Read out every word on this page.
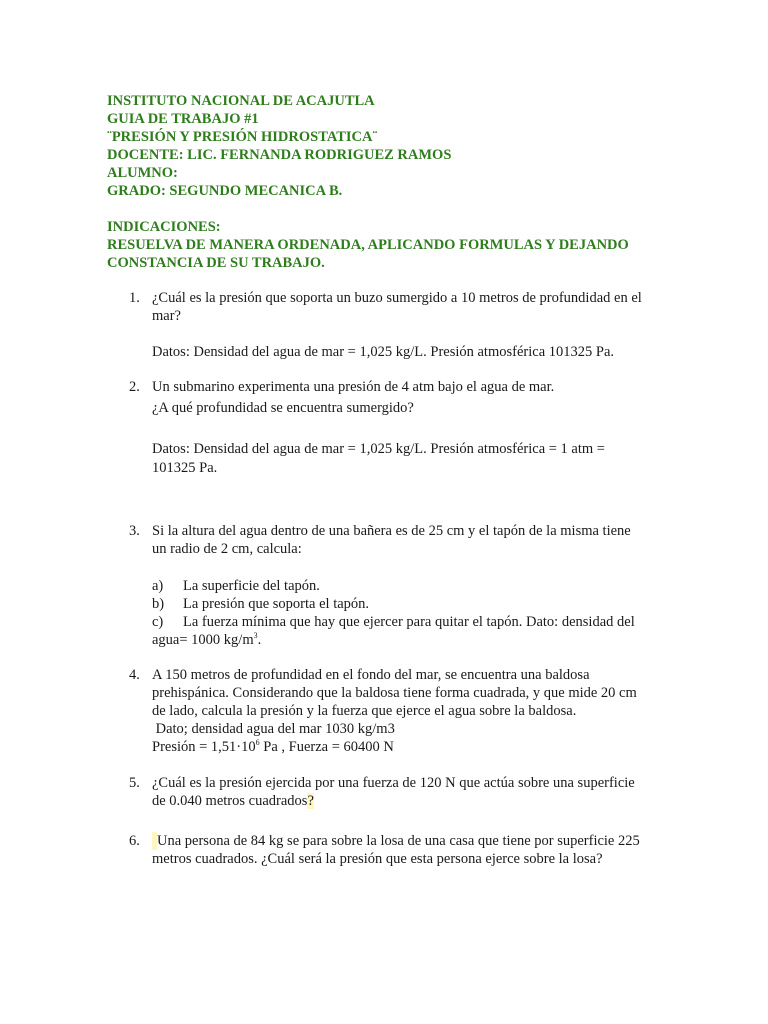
INSTITUTO NACIONAL DE ACAJUTLA
GUIA DE TRABAJO #1
¨PRESIÓN Y PRESIÓN HIDROSTATICA¨
DOCENTE: LIC. FERNANDA RODRIGUEZ RAMOS
ALUMNO:
GRADO: SEGUNDO MECANICA B.
INDICACIONES:
RESUELVA DE MANERA ORDENADA, APLICANDO FORMULAS Y DEJANDO
CONSTANCIA DE SU TRABAJO.
1. ¿Cuál es la presión que soporta un buzo sumergido a 10 metros de profundidad en el
mar?
Datos: Densidad del agua de mar = 1,025 kg/L. Presión atmosférica 101325 Pa.
2. Un submarino experimenta una presión de 4 atm bajo el agua de mar.
¿A qué profundidad se encuentra sumergido?
Datos: Densidad del agua de mar = 1,025 kg/L. Presión atmosférica = 1 atm =
101325 Pa.
3. Si la altura del agua dentro de una bañera es de 25 cm y el tapón de la misma tiene
un radio de 2 cm, calcula:
a) La superficie del tapón.
b) La presión que soporta el tapón.
c) La fuerza mínima que hay que ejercer para quitar el tapón. Dato: densidad del
agua= 1000 $kg/m^3$.
4. A 150 metros de profundidad en el fondo del mar, se encuentra una baldosa
prehispánica. Considerando que la baldosa tiene forma cuadrada, y que mide 20 cm
de lado, calcula la presión y la fuerza que ejerce el agua sobre la baldosa.
Dato; densidad agua del mar 1030 kg/m3
Presión = $1,51\cdot 10^6$ Pa , Fuerza = 60400 N
5. ¿Cuál es la presión ejercida por una fuerza de 120 N que actúa sobre una superficie
de 0.040 metros cuadrados?
6.	Una persona de 84 kg se para sobre la losa de una casa que tiene por superficie 225
metros cuadrados. ¿Cuál será la presión que esta persona ejerce sobre la losa?
